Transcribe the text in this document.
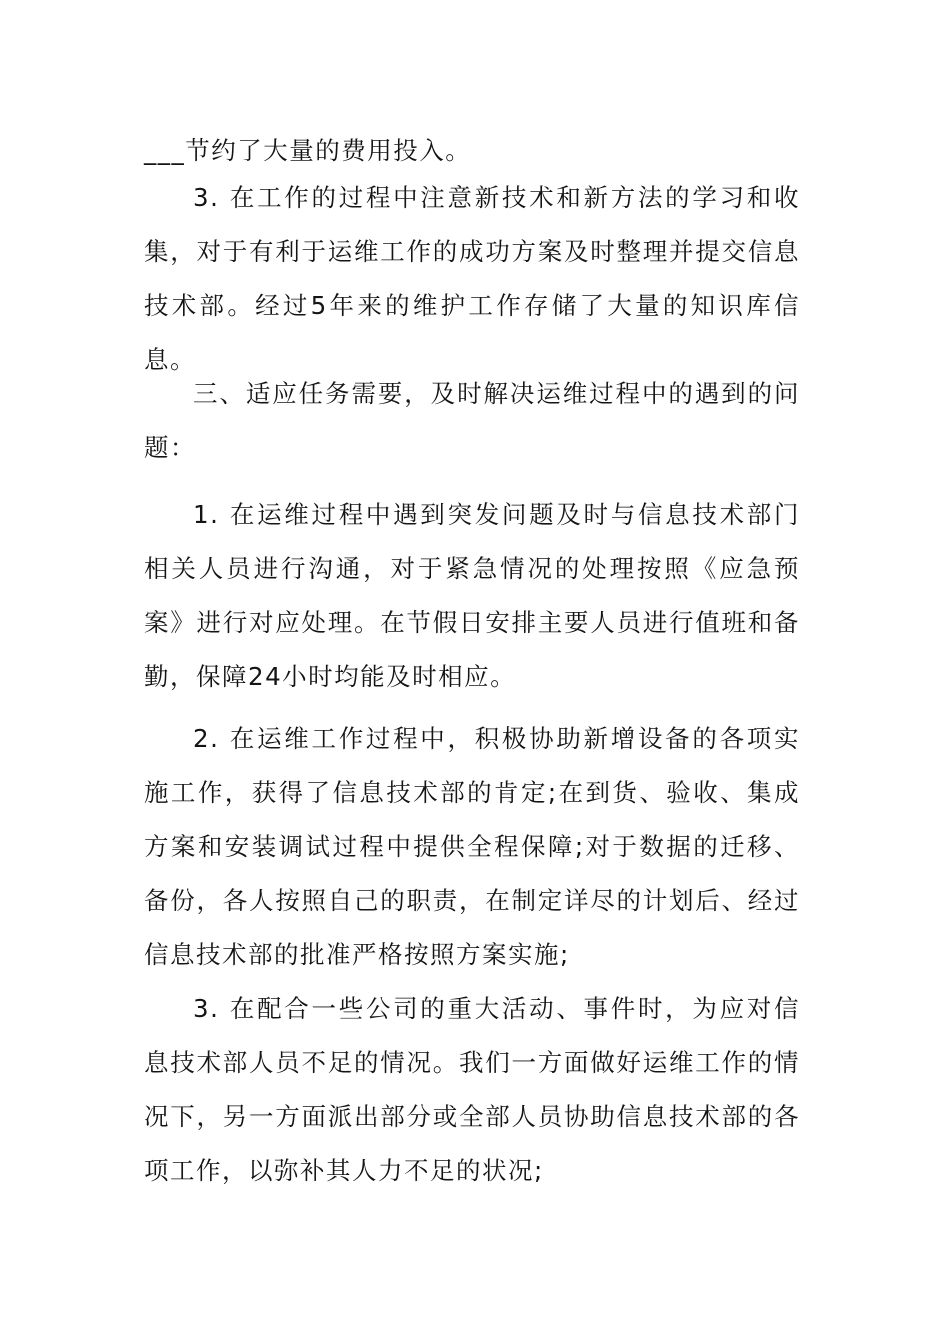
___节约了大量的费用投入。

3. 在工作的过程中注意新技术和新方法的学习和收集，对于有利于运维工作的成功方案及时整理并提交信息技术部。经过5年来的维护工作存储了大量的知识库信息。

三、适应任务需要，及时解决运维过程中的遇到的问题：

1. 在运维过程中遇到突发问题及时与信息技术部门相关人员进行沟通，对于紧急情况的处理按照《应急预案》进行对应处理。在节假日安排主要人员进行值班和备勤，保障24小时均能及时相应。

2. 在运维工作过程中，积极协助新增设备的各项实施工作，获得了信息技术部的肯定;在到货、验收、集成方案和安装调试过程中提供全程保障;对于数据的迁移、备份，各人按照自己的职责，在制定详尽的计划后、经过信息技术部的批准严格按照方案实施;

3. 在配合一些公司的重大活动、事件时，为应对信息技术部人员不足的情况。我们一方面做好运维工作的情况下，另一方面派出部分或全部人员协助信息技术部的各项工作，以弥补其人力不足的状况;
